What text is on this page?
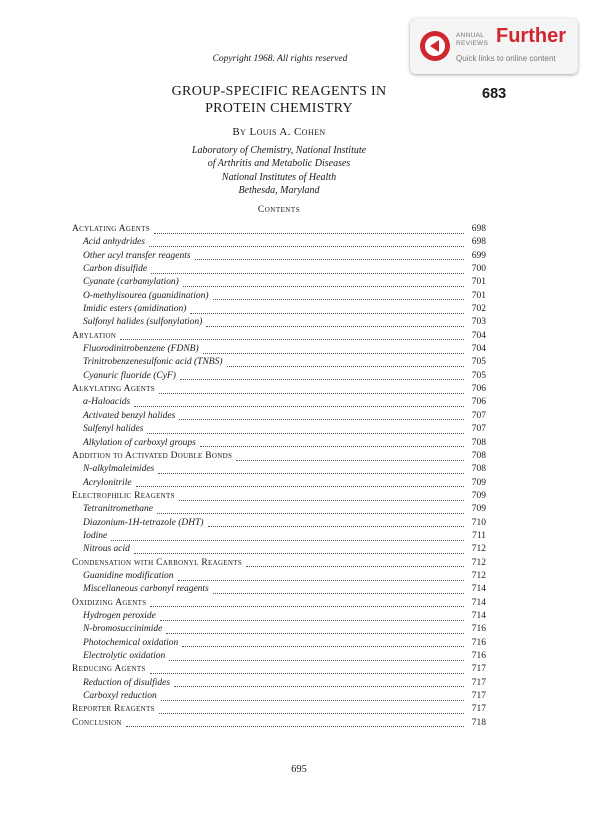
ANNUAL
REVIEWS Further
Quick links to online content
Copyright 1968. All rights reserved
683
GROUP-SPECIFIC REAGENTS IN
PROTEIN CHEMISTRY
By Louis A. Cohen
Laboratory of Chemistry, National Institute
of Arthritis and Metabolic Diseases
National Institutes of Health
Bethesda, Maryland
Contents
Acylating Agents	698
Acid anhydrides	698
Other acyl transfer reagents	699
Carbon disulfide	700
Cyanate (carbamylation)	701
O-methylisourea (guanidination)	701
Imidic esters (amidination)	702
Sulfonyl halides (sulfonylation)	703
Arylation	704
Fluorodinitrobenzene (FDNB)	704
Trinitrobenzenesulfonic acid (TNBS)	705
Cyanuric fluoride (CyF)	705
Alkylating Agents	706
α-Haloacids	706
Activated benzyl halides	707
Sulfenyl halides	707
Alkylation of carboxyl groups	708
Addition to Activated Double Bonds	708
N-alkylmaleimides	708
Acrylonitrile	709
Electrophilic Reagents	709
Tetranitromethane	709
Diazonium-1H-tetrazole (DHT)	710
Iodine	711
Nitrous acid	712
Condensation with Carbonyl Reagents	712
Guanidine modification	712
Miscellaneous carbonyl reagents	714
Oxidizing Agents	714
Hydrogen peroxide	714
N-bromosuccinimide	716
Photochemical oxidation	716
Electrolytic oxidation	716
Reducing Agents	717
Reduction of disulfides	717
Carboxyl reduction	717
Reporter Reagents	717
Conclusion	718
695
